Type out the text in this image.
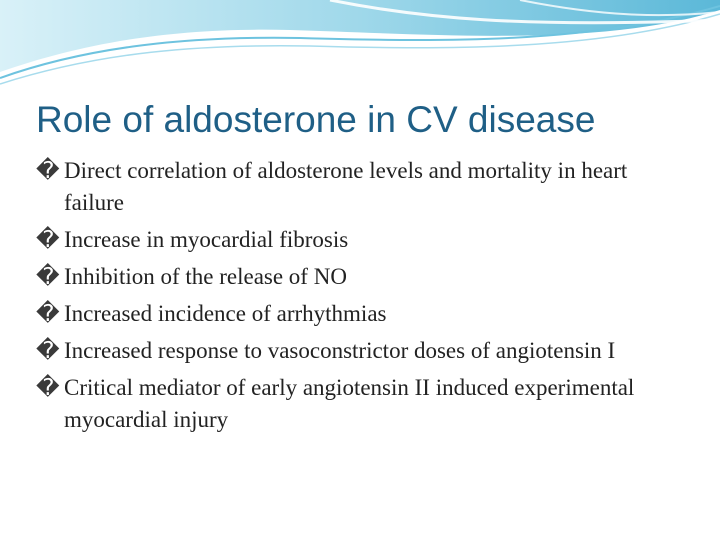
Role of aldosterone in CV disease
� Direct correlation of aldosterone levels and mortality in heart failure
� Increase in myocardial fibrosis
� Inhibition of the release of NO
� Increased incidence of arrhythmias
� Increased response to vasoconstrictor doses of angiotensin I
� Critical mediator of early angiotensin II induced experimental myocardial injury
